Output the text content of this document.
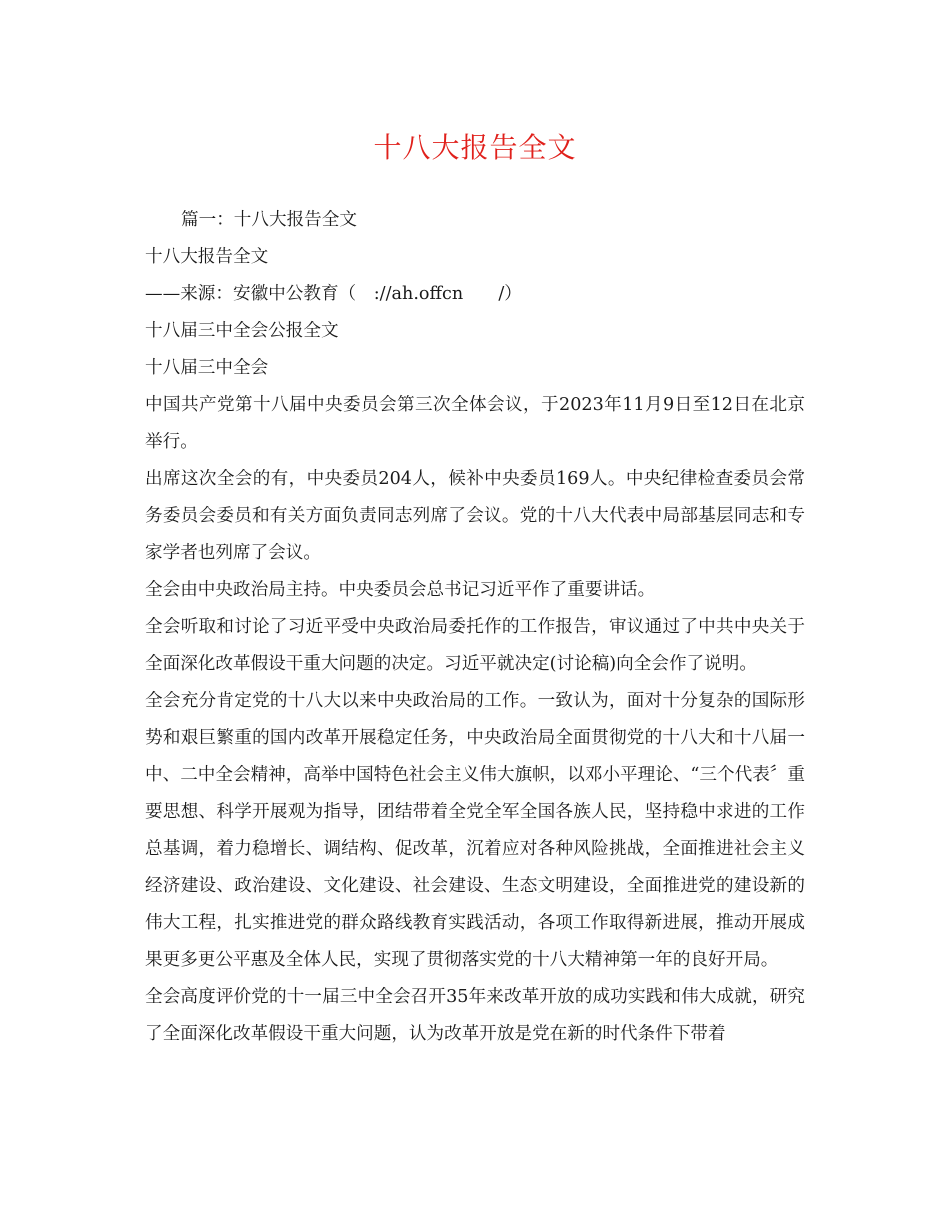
十八大报告全文

篇一：十八大报告全文

十八大报告全文

——来源：安徽中公教育（　://ah.offcn　　/）

十八届三中全会公报全文

十八届三中全会

中国共产党第十八届中央委员会第三次全体会议，于2023年11月9日至12日在北京举行。

出席这次全会的有，中央委员204人，候补中央委员169人。中央纪律检查委员会常务委员会委员和有关方面负责同志列席了会议。党的十八大代表中局部基层同志和专家学者也列席了会议。

全会由中央政治局主持。中央委员会总书记习近平作了重要讲话。

全会听取和讨论了习近平受中央政治局委托作的工作报告，审议通过了中共中央关于全面深化改革假设干重大问题的决定。习近平就决定(讨论稿)向全会作了说明。

全会充分肯定党的十八大以来中央政治局的工作。一致认为，面对十分复杂的国际形势和艰巨繁重的国内改革开展稳定任务，中央政治局全面贯彻党的十八大和十八届一中、二中全会精神，高举中国特色社会主义伟大旗帜，以邓小平理论、“三个代表〞重要思想、科学开展观为指导，团结带着全党全军全国各族人民，坚持稳中求进的工作总基调，着力稳增长、调结构、促改革，沉着应对各种风险挑战，全面推进社会主义经济建设、政治建设、文化建设、社会建设、生态文明建设，全面推进党的建设新的伟大工程，扎实推进党的群众路线教育实践活动，各项工作取得新进展，推动开展成果更多更公平惠及全体人民，实现了贯彻落实党的十八大精神第一年的良好开局。

全会高度评价党的十一届三中全会召开35年来改革开放的成功实践和伟大成就，研究了全面深化改革假设干重大问题，认为改革开放是党在新的时代条件下带着
